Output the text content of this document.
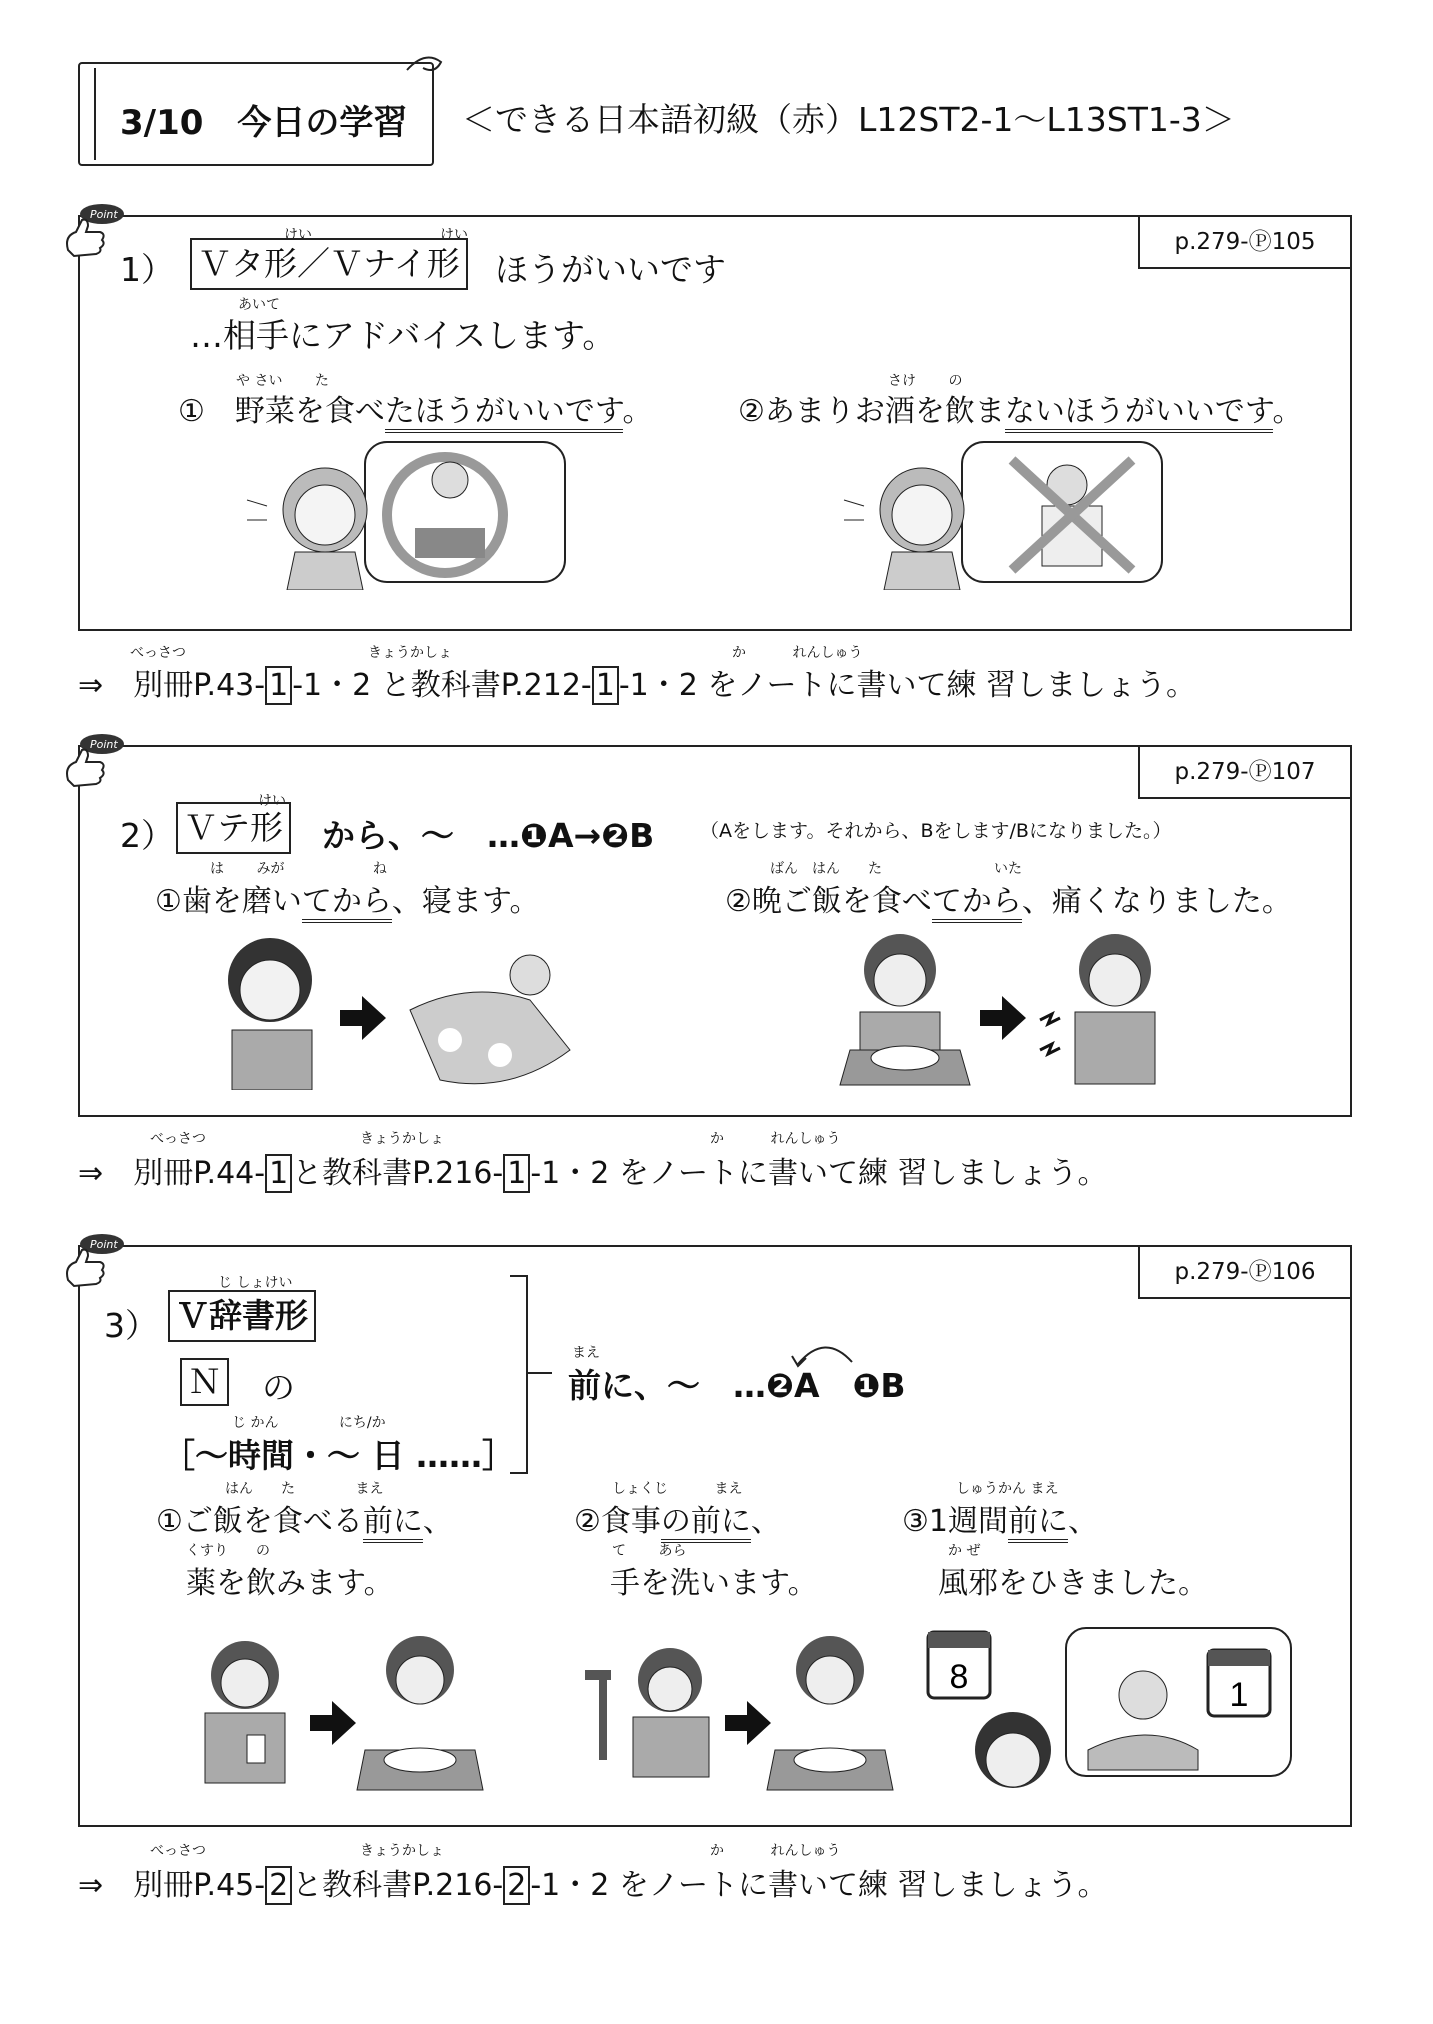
3/10　今日の学習 ＜できる日本語初級（赤）L12ST2-1～L13ST1-3＞
p.279-Ⓟ105
Point
けい	けい
1） Ｖタ形／Ｖナイ形 ほうがいいです
あいて
…相手にアドバイスします。
や さい　　 た
①　野菜を食べたほうがいいです。
さけ　　 の
②あまりお酒を飲まないほうがいいです。
べっさつ　　　　　　　　　　　　　きょうかしょ　　　　　　　　　　　　　　　　　　　　か　　　 れんしゅう
⇒　別冊P.43- 1 -1・2 と教科書P.212- 1 -1・2 をノートに書いて練 習しましょう。
p.279-Ⓟ107
Point
けい
2） Ｖテ形 から、～　…❶A→❷B （Aをします。それから、Bをします/Bになりました。）
は　　 みが　　　　　　 ね
①歯を磨いてから、寝ます。
ばん　はん　　た　　　　　　　　いた
②晩ご飯を食べてから、痛くなりました。
べっさつ　　　　　　　　　　　きょうかしょ　　　　　　　　　　　　　　　　　　　か　　　 れんしゅう
⇒　別冊P.44- 1 と教科書P.216- 1 -1・2 をノートに書いて練 習しましょう。
p.279-Ⓟ106
Point
じ しょけい
3） Ｖ辞書形
Ｎ の
じ かん　　　　 にち/か
［～時間・～ 日 ……］
まえ
前に、～　…❷A　❶B
はん　　た　　　　 まえ
①ご飯を食べる前に、
くすり　　の
薬を飲みます。
しょくじ　　　 まえ
②食事の前に、
て　　 あら
手を洗います。
しゅうかん まえ
③1週間前に、
か ぜ
風邪をひきました。
8	1
べっさつ　　　　　　　　　　　きょうかしょ　　　　　　　　　　　　　　　　　　　か　　　 れんしゅう
⇒　別冊P.45- 2 と教科書P.216- 2 -1・2 をノートに書いて練 習しましょう。
